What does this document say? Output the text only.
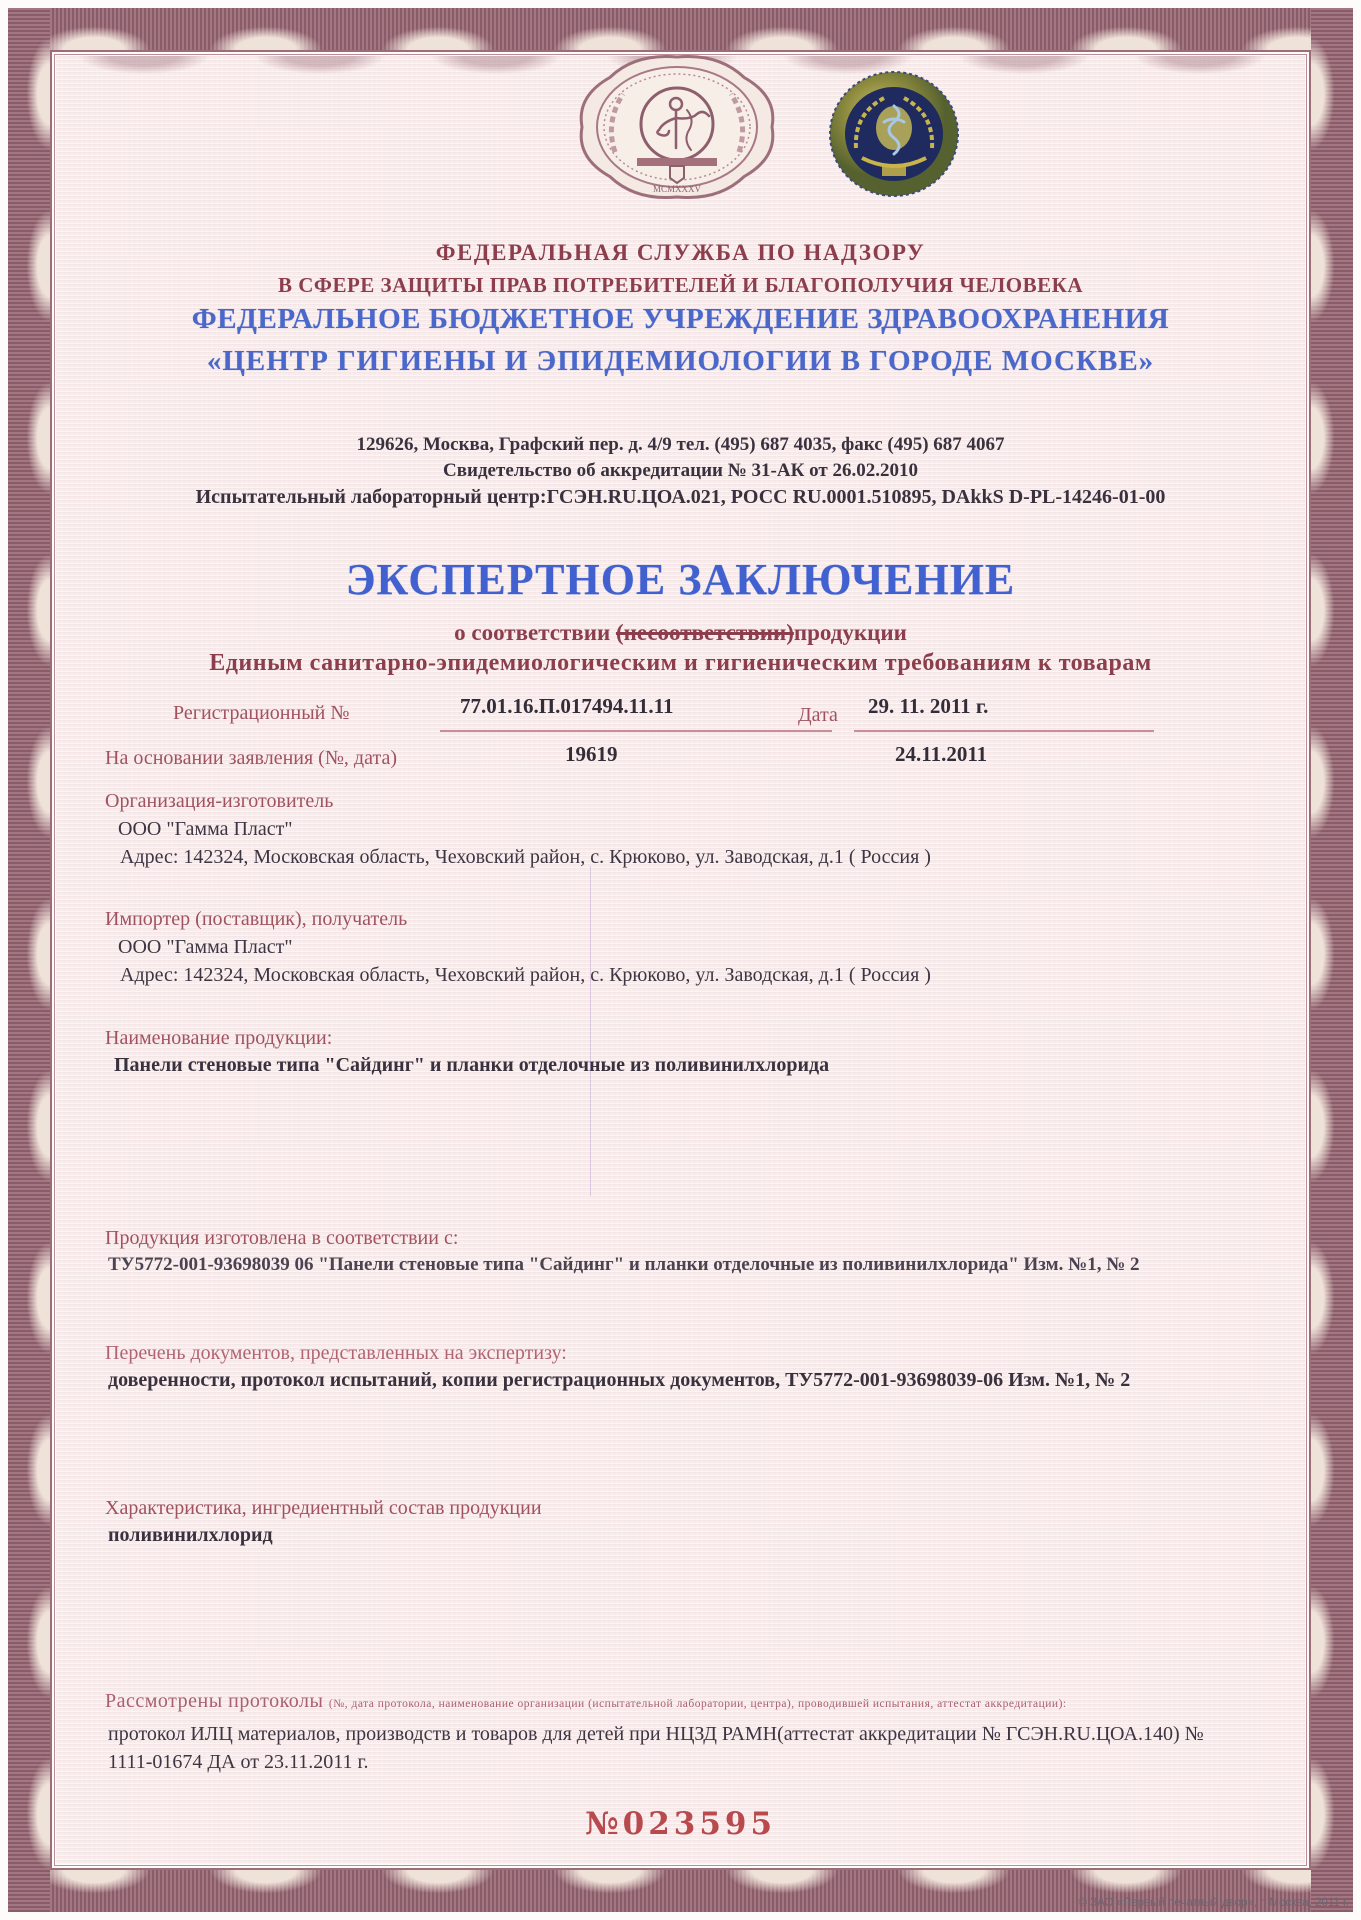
MCMXXXV
ФЕДЕРАЛЬНАЯ СЛУЖБА ПО НАДЗОРУ
В СФЕРЕ ЗАЩИТЫ ПРАВ ПОТРЕБИТЕЛЕЙ И БЛАГОПОЛУЧИЯ ЧЕЛОВЕКА
ФЕДЕРАЛЬНОЕ БЮДЖЕТНОЕ УЧРЕЖДЕНИЕ ЗДРАВООХРАНЕНИЯ
«ЦЕНТР ГИГИЕНЫ И ЭПИДЕМИОЛОГИИ В ГОРОДЕ МОСКВЕ»
129626, Москва, Графский пер. д. 4/9 тел. (495) 687 4035, факс (495) 687 4067
Свидетельство об аккредитации № 31-АК от 26.02.2010
Испытательный лабораторный центр:ГСЭН.RU.ЦОА.021, РОСС RU.0001.510895, DAkkS D-PL-14246-01-00
ЭКСПЕРТНОЕ ЗАКЛЮЧЕНИЕ
о соответствии (несоответствии)продукции
Единым санитарно-эпидемиологическим и гигиеническим требованиям к товарам
Регистрационный №	77.01.16.П.017494.11.11	Дата 29. 11. 2011 г.
На основании заявления (№, дата)	19619	24.11.2011
Организация-изготовитель
ООО "Гамма Пласт"
Адрес: 142324, Московская область, Чеховский район, с. Крюково, ул. Заводская, д.1 ( Россия )
Импортер (поставщик), получатель
ООО "Гамма Пласт"
Адрес: 142324, Московская область, Чеховский район, с. Крюково, ул. Заводская, д.1 ( Россия )
Наименование продукции:
Панели стеновые типа "Сайдинг" и планки отделочные из поливинилхлорида
Продукция изготовлена в соответствии с:
ТУ5772-001-93698039 06 "Панели стеновые типа "Сайдинг" и планки отделочные из поливинилхлорида" Изм. №1, № 2
Перечень документов, представленных на экспертизу:
доверенности, протокол испытаний, копии регистрационных документов, ТУ5772-001-93698039-06 Изм. №1, № 2
Характеристика, ингредиентный состав продукции
поливинилхлорид
Рассмотрены протоколы (№, дата протокола, наименование организации (испытательной лаборатории, центра), проводившей испытания, аттестат аккредитации):
протокол ИЛЦ материалов, производств и товаров для детей при НЦЗД РАМН(аттестат аккредитации № ГСЭН.RU.ЦОА.140) № 1111-01674 ДА от 23.11.2011 г.
№023595
© ЗАО «Первый печатный двор», г. Москва, 2011 г.
